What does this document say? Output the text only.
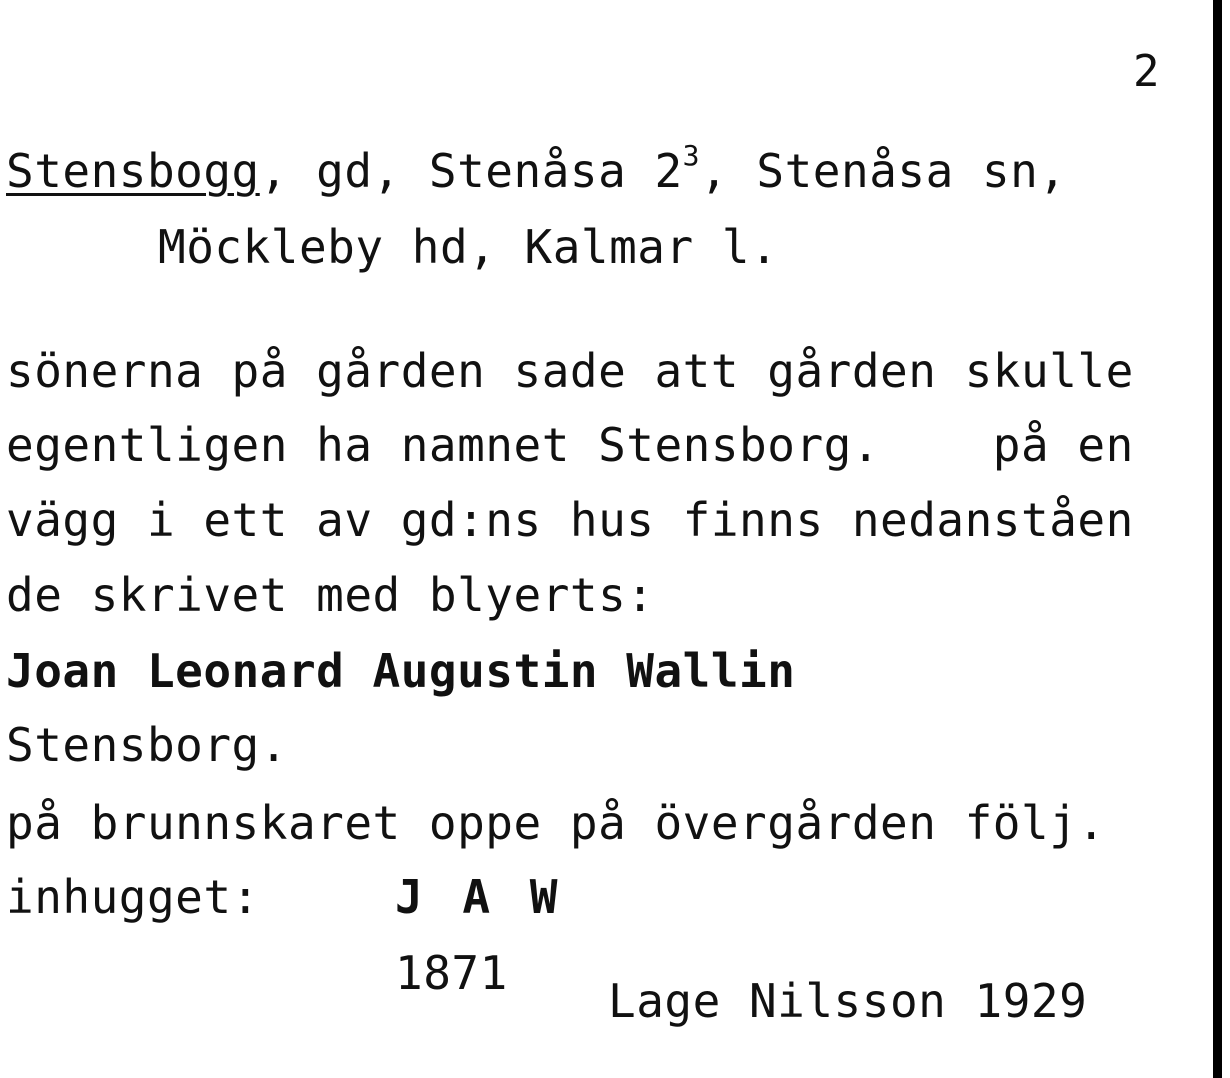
2
Stensbogg, gd, Stenåsa $2^3$, Stenåsa sn,
Möckleby hd, Kalmar l.
sönerna på gården sade att gården skulle
egentligen ha namnet Stensborg.    på en
vägg i ett av gd:ns hus finns nedanståen
de skrivet med blyerts:
Joan Leonard Augustin Wallin
Stensborg.
på brunnskaret oppe på övergården följ.
inhugget:	J A W
1871
Lage Nilsson 1929
